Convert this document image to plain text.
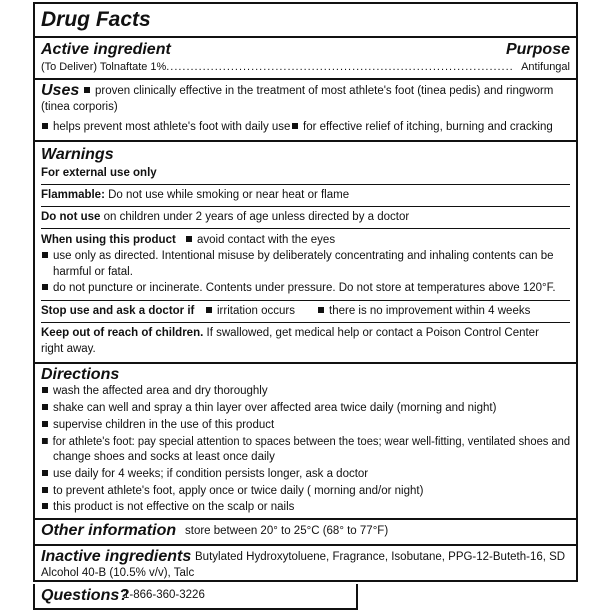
Drug Facts
Active ingredient	Purpose
(To Deliver) Tolnaftate 1%...................................................................................... Antifungal
Uses	proven clinically effective in the treatment of most athlete's foot (tinea pedis) and ringworm
(tinea corporis)
helps prevent most athlete's foot with daily use	for effective relief of itching, burning and cracking
Warnings
For external use only
Flammable: Do not use while smoking or near heat or flame
Do not use on children under 2 years of age unless directed by a doctor
When using this product	avoid contact with the eyes
use only as directed. Intentional misuse by deliberately concentrating and inhaling contents can be
harmful or fatal.
do not puncture or incinerate. Contents under pressure. Do not store at temperatures above 120°F.
Stop use and ask a doctor if	irritation occurs	there is no improvement within 4 weeks
Keep out of reach of children. If swallowed, get medical help or contact a Poison Control Center
right away.
Directions
wash the affected area and dry thoroughly
shake can well and spray a thin layer over affected area twice daily (morning and night)
supervise children in the use of this product
for athlete's foot: pay special attention to spaces between the toes; wear well-fitting, ventilated shoes and
change shoes and socks at least once daily
use daily for 4 weeks; if condition persists longer, ask a doctor
to prevent athlete's foot, apply once or twice daily ( morning and/or night)
this product is not effective on the scalp or nails
Other information store between 20° to 25°C (68° to 77°F)
Inactive ingredients Butylated Hydroxytoluene, Fragrance, Isobutane, PPG-12-Buteth-16, SD
Alcohol 40-B (10.5% v/v), Talc
Questions?
1-866-360-3226
